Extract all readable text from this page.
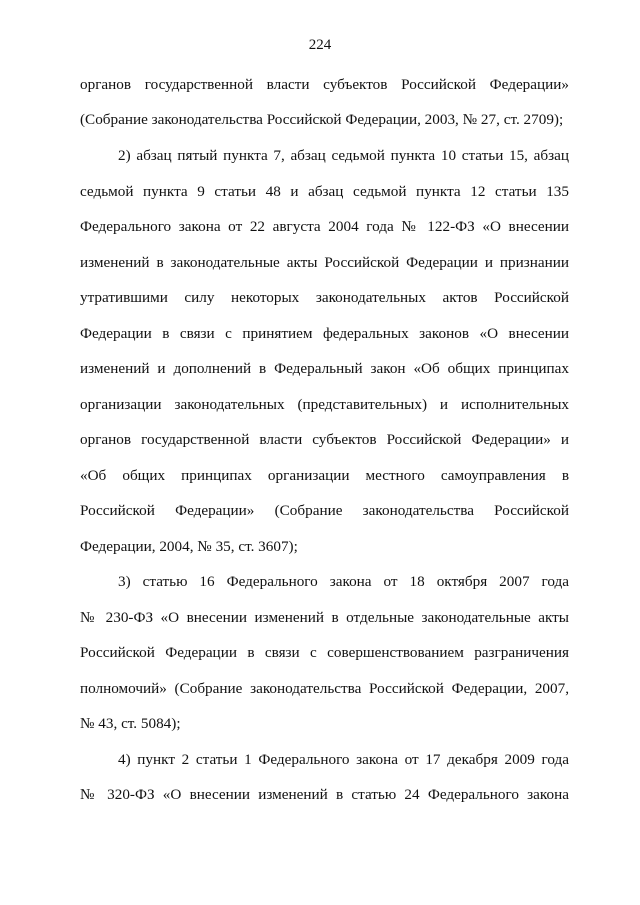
224
органов государственной власти субъектов Российской Федерации»
(Собрание законодательства Российской Федерации, 2003, № 27, ст. 2709);
2) абзац пятый пункта 7, абзац седьмой пункта 10 статьи 15, абзац
седьмой пункта 9 статьи 48 и абзац седьмой пункта 12 статьи 135
Федерального закона от 22 августа 2004 года № 122-ФЗ «О внесении
изменений в законодательные акты Российской Федерации и признании
утратившими силу некоторых законодательных актов Российской
Федерации в связи с принятием федеральных законов «О внесении
изменений и дополнений в Федеральный закон «Об общих принципах
организации законодательных (представительных) и исполнительных
органов государственной власти субъектов Российской Федерации» и
«Об общих принципах организации местного самоуправления в
Российской Федерации» (Собрание законодательства Российской
Федерации, 2004, № 35, ст. 3607);
3) статью 16 Федерального закона от 18 октября 2007 года
№ 230-ФЗ «О внесении изменений в отдельные законодательные акты
Российской Федерации в связи с совершенствованием разграничения
полномочий» (Собрание законодательства Российской Федерации, 2007,
№ 43, ст. 5084);
4) пункт 2 статьи 1 Федерального закона от 17 декабря 2009 года
№ 320-ФЗ «О внесении изменений в статью 24 Федерального закона
